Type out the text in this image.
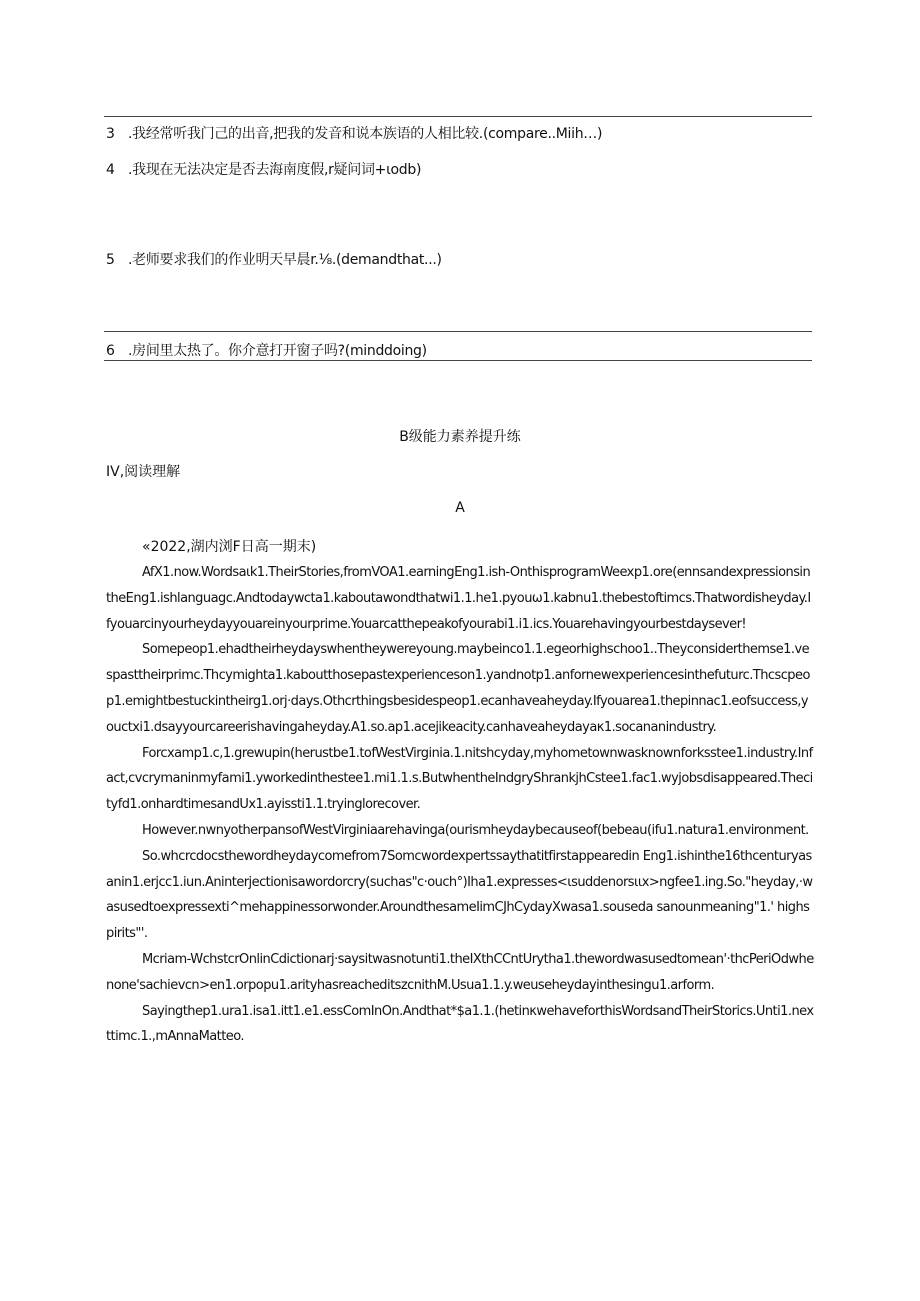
3 .我经常听我门己的出音,把我的发音和说本族语的人相比较.(compare..Miih…)
4 .我现在无法决定是否去海南度假,r疑问词+ιodb)
5 .老师要求我们的作业明天早晨r.⅛.(demandthat...)
6 .房间里太热了。你介意打开窗子吗?(minddoing)
B级能力素养提升练
IV,阅读理解
A
«2022,湖内浏F日高一期末)

AfX1.now.Wordsaιk1.TheirStories,fromVOA1.earningEng1.ish-OnthisprogramWeexp1.ore(ennsandexpressionsintheEng1.ishlanguagc.Andtodaywcta1.kaboutawondthatwi1.1.he1.pyouω1.kabnu1.thebestoftimcs.Thatwordisheyday.Ifyouarcinyourheydayyouareinyourprime.Youarcatthepeakofyourabi1.i1.ics.Youarehavingyourbestdaysever!

Somepeop1.ehadtheirheydayswhentheywereyoung.maybeinco1.1.egeorhighschoo1..Theyconsiderthemse1.vespasttheirprimc.Thcymighta1.kaboutthosepastexperienceson1.yandnotp1.anfornewexperiencesinthefuturc.Thcscpeop1.emightbestuckintheirg1.orj·days.Othcrthingsbesidespeop1.ecanhaveaheyday.Ifyouarea1.thepinnac1.eofsuccess,youctxi1.dsayyourcareerishavingaheyday.A1.so.ap1.acejikeacity.canhaveaheydayaκ1.socananindustry.

Forcxamp1.c,1.grewupin(herustbe1.tofWestVirginia.1.nitshcyday,myhometownwasknownforksstee1.industry.Infact,cvcrymaninmyfami1.yworkedinthestee1.mi1.1.s.ButwhentheIndgryShrankjhCstee1.fac1.wyjobsdisappeared.Thecityfd1.onhardtimesandUx1.ayissti1.1.tryinglorecover.

However.nwnyotherpansofWestVirginiaarehavinga(ourismheydaybecauseof(bebeau(ifu1.natura1.environment.

So.whcrcdocsthewordheydaycomefrom7Somcwordexpertssaythatitfirstappearedin Eng1.ishinthe16thcenturyasanin1.erjcc1.iun.Aninterjectionisawordorcry(suchas"c·ouch°)Iha1.expresses<ιsuddenorsιιx>ngfee1.ing.So."heyday,·wasusedtoexpressexti^mehappinessorwonder.AroundthesameIimCJhCydayXwasa1.souseda sanounmeaning"1.' highspirits"'.

Mcriam-WchstcrOnlinCdictionarj·saysitwasnotunti1.theIXthCCntUrytha1.thewordwasusedtomean'·thcPeriOdwhenone'sachievcn>en1.orpopu1.arityhasreacheditszcnithΜ.Usua1.1.y.weuseheydayinthesingu1.arform.

Sayingthep1.ura1.isa1.itt1.e1.essComInOn.Andthat*$a1.1.(hetinκwehaveforthisWordsandTheirStorics.Unti1.nexttimc.1.,mAnnaMatteo.
